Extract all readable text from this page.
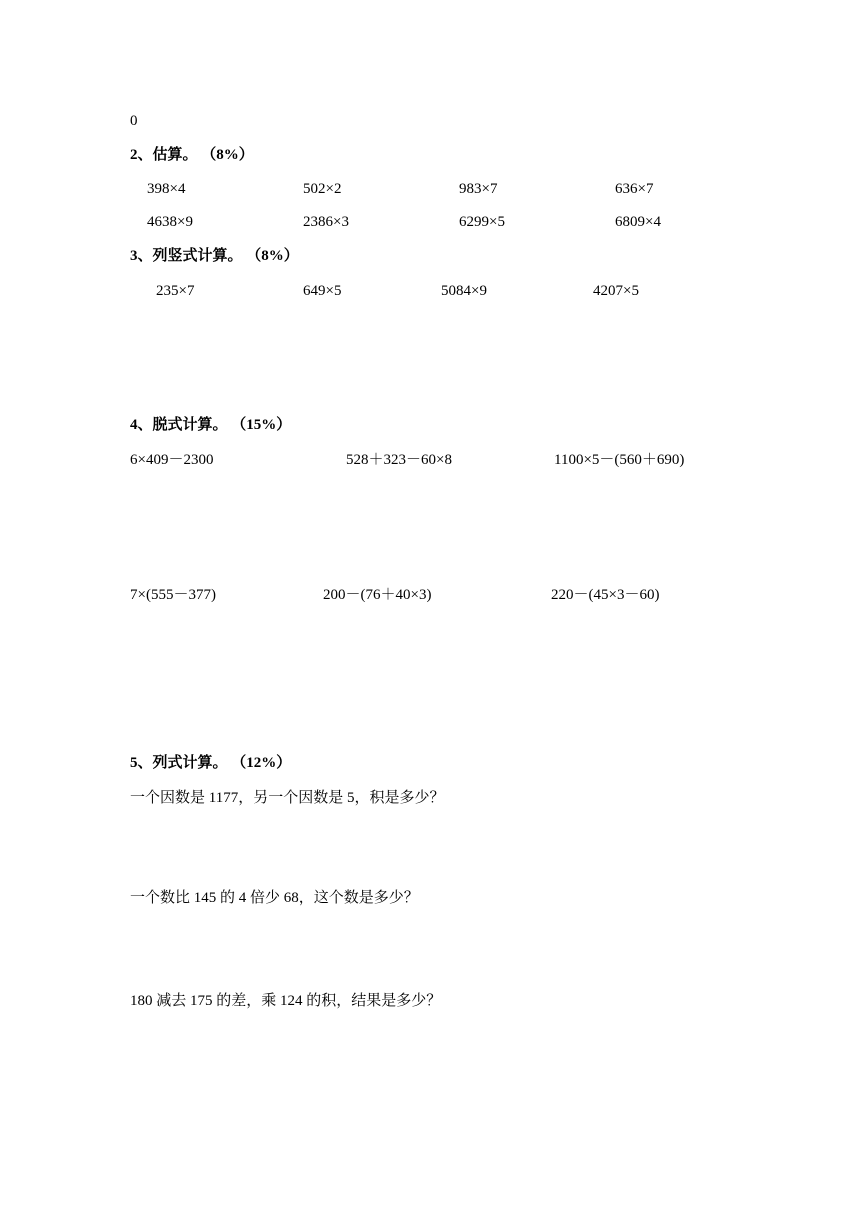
0
2、估算。 （8%）
398×4	502×2	983×7	636×7
4638×9	2386×3	6299×5	6809×4
3、列竖式计算。 （8%）
235×7	649×5	5084×9	4207×5
4、脱式计算。 （15%）
6×409－2300	528＋323－60×8	1100×5－(560＋690)
7×(555－377)	200－(76＋40×3)	220－(45×3－60)
5、列式计算。 （12%）
一个因数是 1177，另一个因数是 5，积是多少？
一个数比 145 的 4 倍少 68，这个数是多少？
180 减去 175 的差，乘 124 的积，结果是多少？
